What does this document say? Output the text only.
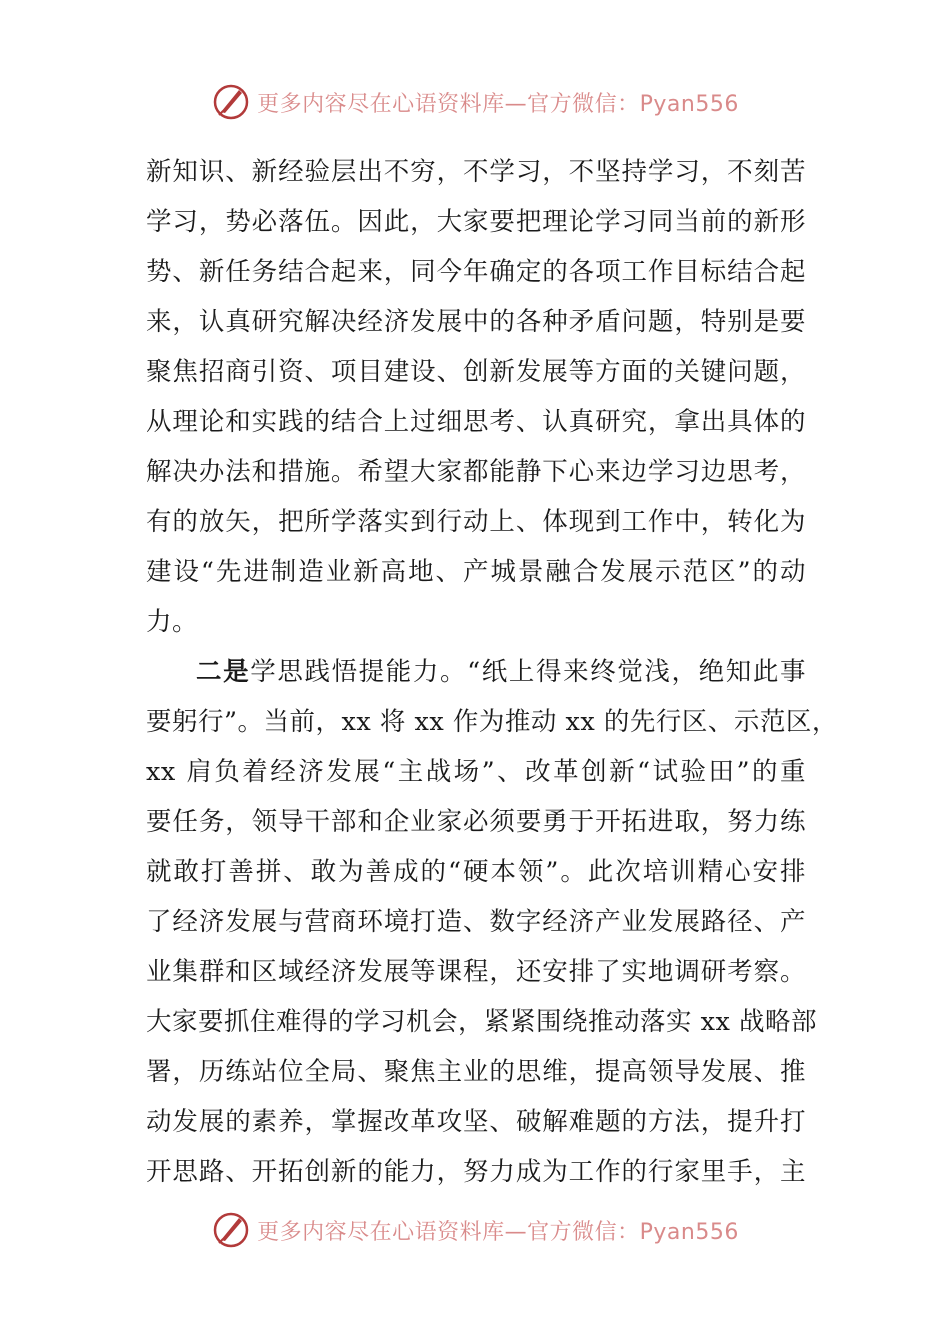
更多内容尽在心语资料库—官方微信：Pyan556
新知识、新经验层出不穷，不学习，不坚持学习，不刻苦
学习，势必落伍。因此，大家要把理论学习同当前的新形
势、新任务结合起来，同今年确定的各项工作目标结合起
来，认真研究解决经济发展中的各种矛盾问题，特别是要
聚焦招商引资、项目建设、创新发展等方面的关键问题，
从理论和实践的结合上过细思考、认真研究，拿出具体的
解决办法和措施。希望大家都能静下心来边学习边思考，
有的放矢，把所学落实到行动上、体现到工作中，转化为
建设“先进制造业新高地、产城景融合发展示范区”的动
力。
二是学思践悟提能力。“纸上得来终觉浅，绝知此事
要躬行”。当前，xx 将 xx 作为推动 xx 的先行区、示范区，
xx 肩负着经济发展“主战场”、改革创新“试验田”的重
要任务，领导干部和企业家必须要勇于开拓进取，努力练
就敢打善拼、敢为善成的“硬本领”。此次培训精心安排
了经济发展与营商环境打造、数字经济产业发展路径、产
业集群和区域经济发展等课程，还安排了实地调研考察。
大家要抓住难得的学习机会，紧紧围绕推动落实 xx 战略部
署，历练站位全局、聚焦主业的思维，提高领导发展、推
动发展的素养，掌握改革攻坚、破解难题的方法，提升打
开思路、开拓创新的能力，努力成为工作的行家里手，主
更多内容尽在心语资料库—官方微信：Pyan556
